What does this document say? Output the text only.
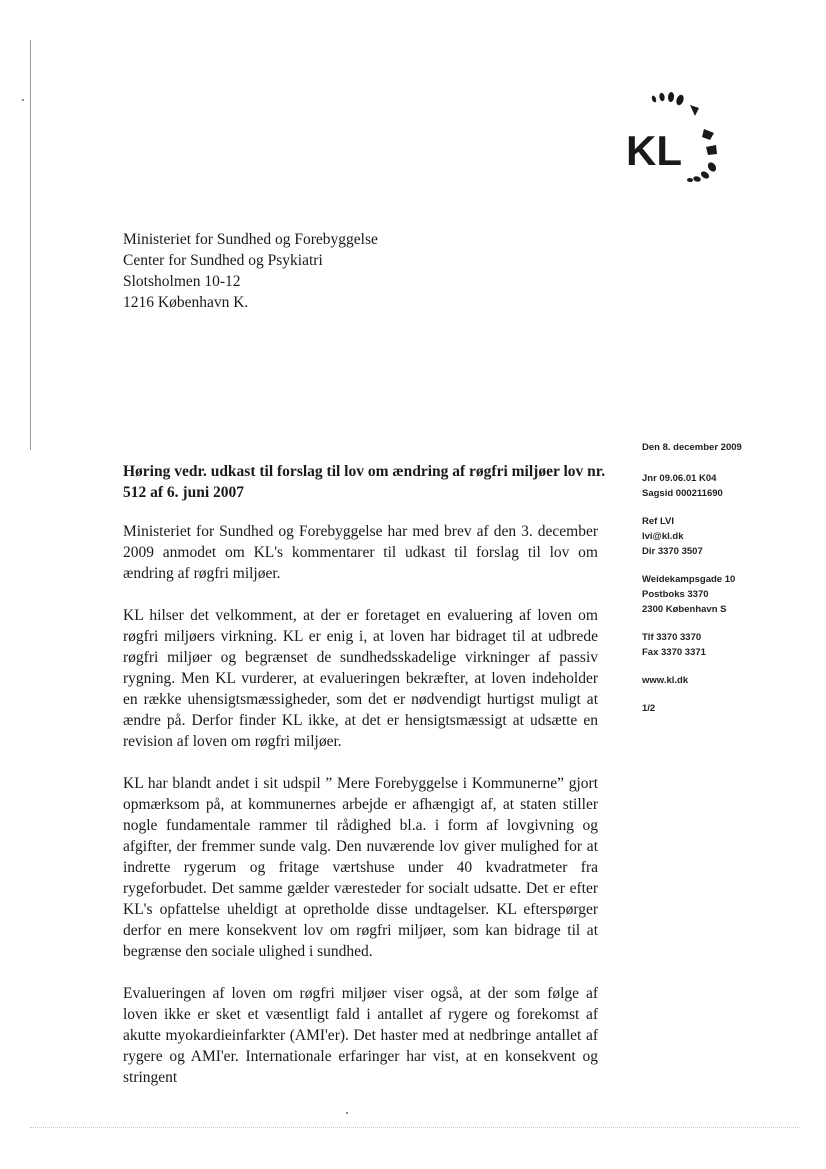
KL
Ministeriet for Sundhed og Forebyggelse
Center for Sundhed og Psykiatri
Slotsholmen 10-12
1216 København K.
Den 8. december 2009
Jnr 09.06.01 K04
Sagsid 000211690
Ref LVI
lvi@kl.dk
Dir 3370 3507
Weidekampsgade 10
Postboks 3370
2300 København S
Tlf 3370 3370
Fax 3370 3371
www.kl.dk
1/2
Høring vedr. udkast til forslag til lov om ændring af røgfri miljøer lov nr. 512 af 6. juni 2007

Ministeriet for Sundhed og Forebyggelse har med brev af den 3. december 2009 anmodet om KL's kommentarer til udkast til forslag til lov om ændring af røgfri miljøer.

KL hilser det velkomment, at der er foretaget en evaluering af loven om røgfri miljøers virkning. KL er enig i, at loven har bidraget til at udbrede røgfri miljøer og begrænset de sundhedsskadelige virkninger af passiv rygning. Men KL vurderer, at evalueringen bekræfter, at loven indeholder en række uhensigtsmæssigheder, som det er nødvendigt hurtigst muligt at ændre på. Derfor finder KL ikke, at det er hensigtsmæssigt at udsætte en revision af loven om røgfri miljøer.

KL har blandt andet i sit udspil ” Mere Forebyggelse i Kommunerne” gjort opmærksom på, at kommunernes arbejde er afhængigt af, at staten stiller nogle fundamentale rammer til rådighed bl.a. i form af lovgivning og afgifter, der fremmer sunde valg. Den nuværende lov giver mulighed for at indrette rygerum og fritage værtshuse under 40 kvadratmeter fra rygeforbudet. Det samme gælder væresteder for socialt udsatte. Det er efter KL's opfattelse uheldigt at opretholde disse undtagelser. KL efterspørger derfor en mere konsekvent lov om røgfri miljøer, som kan bidrage til at begrænse den sociale ulighed i sundhed.

Evalueringen af loven om røgfri miljøer viser også, at der som følge af loven ikke er sket et væsentligt fald i antallet af rygere og forekomst af akutte myokardieinfarkter (AMI'er). Det haster med at nedbringe antallet af rygere og AMI'er. Internationale erfaringer har vist, at en konsekvent og stringent
